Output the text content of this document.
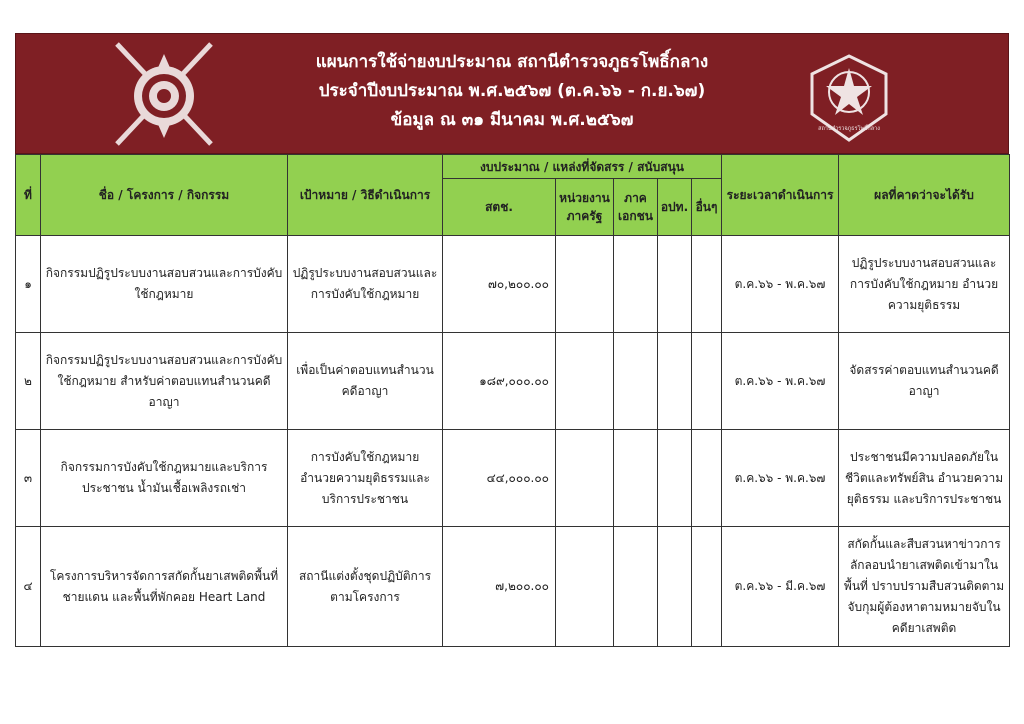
แผนการใช้จ่ายงบประมาณ สถานีตำรวจภูธรโพธิ์กลาง
ประจำปีงบประมาณ พ.ศ.๒๕๖๗ (ต.ค.๖๖ - ก.ย.๖๗)
ข้อมูล ณ ๓๑ มีนาคม พ.ศ.๒๕๖๗	สถานีตำรวจภูธรโพธิ์กลาง
ที่	ชื่อ / โครงการ / กิจกรรม	เป้าหมาย / วิธีดำเนินการ	งบประมาณ / แหล่งที่จัดสรร / สนับสนุน					ระยะเวลาดำเนินการ	ผลที่คาดว่าจะได้รับ
			สตช.	หน่วยงานภาครัฐ	ภาคเอกชน	อปท.	อื่นๆ		
๑	กิจกรรมปฏิรูประบบงานสอบสวนและการบังคับใช้กฎหมาย	ปฏิรูประบบงานสอบสวนและการบังคับใช้กฎหมาย	๗๐,๒๐๐.๐๐					ต.ค.๖๖ - พ.ค.๖๗	ปฏิรูประบบงานสอบสวนและการบังคับใช้กฎหมาย อำนวยความยุติธรรม
๒	กิจกรรมปฏิรูประบบงานสอบสวนและการบังคับใช้กฎหมาย สำหรับค่าตอบแทนสำนวนคดีอาญา	เพื่อเป็นค่าตอบแทนสำนวนคดีอาญา	๑๘๙,๐๐๐.๐๐					ต.ค.๖๖ - พ.ค.๖๗	จัดสรรค่าตอบแทนสำนวนคดีอาญา
๓	กิจกรรมการบังคับใช้กฎหมายและบริการประชาชน น้ำมันเชื้อเพลิงรถเช่า	การบังคับใช้กฎหมาย อำนวยความยุติธรรมและบริการประชาชน	๔๔,๐๐๐.๐๐					ต.ค.๖๖ - พ.ค.๖๗	ประชาชนมีความปลอดภัยในชีวิตและทรัพย์สิน อำนวยความยุติธรรม และบริการประชาชน
๔	โครงการบริหารจัดการสกัดกั้นยาเสพติดพื้นที่ชายแดน และพื้นที่พักคอย Heart Land	สถานีแต่งตั้งชุดปฏิบัติการตามโครงการ	๗,๒๐๐.๐๐					ต.ค.๖๖ - มี.ค.๖๗	สกัดกั้นและสืบสวนหาข่าวการลักลอบนำยาเสพติดเข้ามาในพื้นที่ ปราบปรามสืบสวนติดตามจับกุมผู้ต้องหาตามหมายจับในคดียาเสพติด
